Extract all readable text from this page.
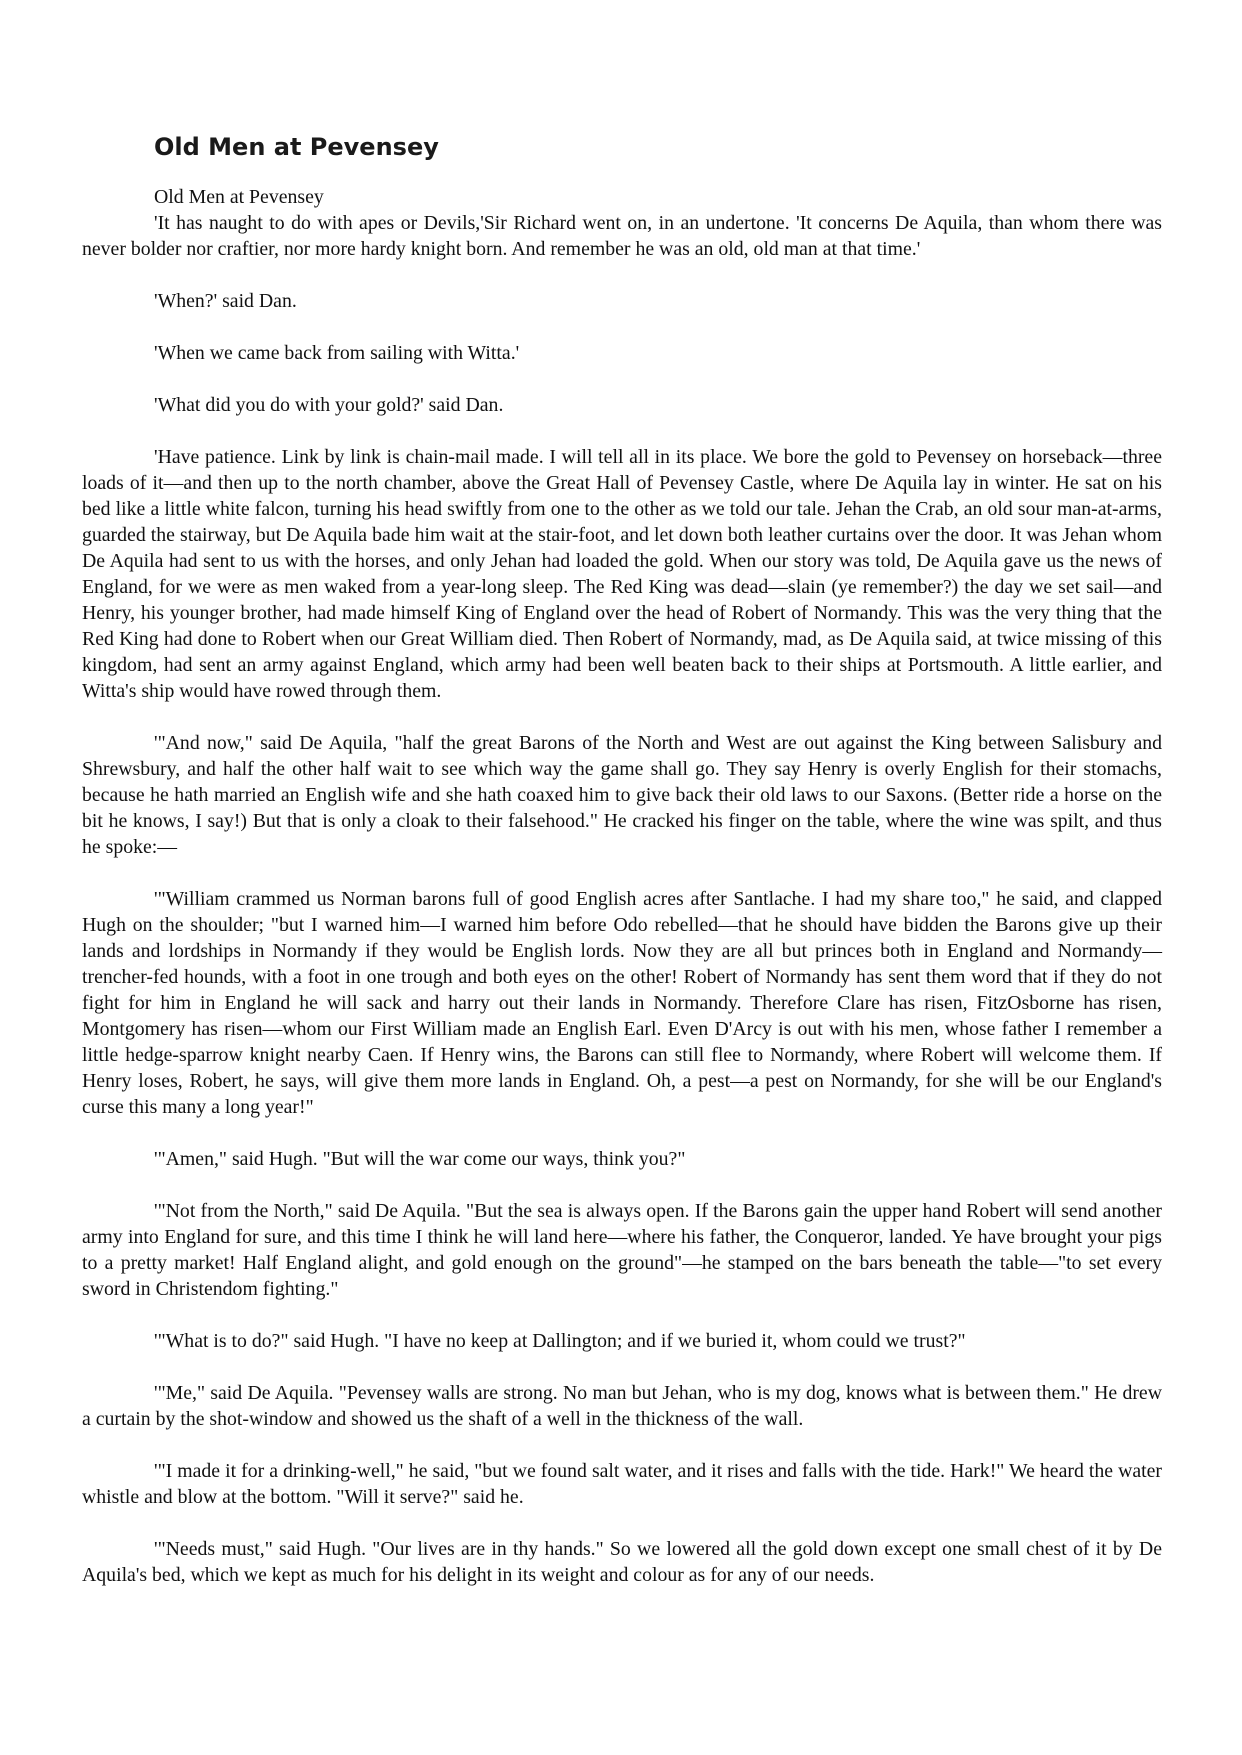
Old Men at Pevensey

Old Men at Pevensey

'It has naught to do with apes or Devils,'Sir Richard went on, in an undertone. 'It concerns De Aquila, than whom there was never bolder nor craftier, nor more hardy knight born. And remember he was an old, old man at that time.'

'When?' said Dan.

'When we came back from sailing with Witta.'

'What did you do with your gold?' said Dan.

'Have patience. Link by link is chain-mail made. I will tell all in its place. We bore the gold to Pevensey on horseback—three loads of it—and then up to the north chamber, above the Great Hall of Pevensey Castle, where De Aquila lay in winter. He sat on his bed like a little white falcon, turning his head swiftly from one to the other as we told our tale. Jehan the Crab, an old sour man-at-arms, guarded the stairway, but De Aquila bade him wait at the stair-foot, and let down both leather curtains over the door. It was Jehan whom De Aquila had sent to us with the horses, and only Jehan had loaded the gold. When our story was told, De Aquila gave us the news of England, for we were as men waked from a year-long sleep. The Red King was dead—slain (ye remember?) the day we set sail—and Henry, his younger brother, had made himself King of England over the head of Robert of Normandy. This was the very thing that the Red King had done to Robert when our Great William died. Then Robert of Normandy, mad, as De Aquila said, at twice missing of this kingdom, had sent an army against England, which army had been well beaten back to their ships at Portsmouth. A little earlier, and Witta's ship would have rowed through them.

'"And now," said De Aquila, "half the great Barons of the North and West are out against the King between Salisbury and Shrewsbury, and half the other half wait to see which way the game shall go. They say Henry is overly English for their stomachs, because he hath married an English wife and she hath coaxed him to give back their old laws to our Saxons. (Better ride a horse on the bit he knows, I say!) But that is only a cloak to their falsehood." He cracked his finger on the table, where the wine was spilt, and thus he spoke:—

'"William crammed us Norman barons full of good English acres after Santlache. I had my share too," he said, and clapped Hugh on the shoulder; "but I warned him—I warned him before Odo rebelled—that he should have bidden the Barons give up their lands and lordships in Normandy if they would be English lords. Now they are all but princes both in England and Normandy—trencher-fed hounds, with a foot in one trough and both eyes on the other! Robert of Normandy has sent them word that if they do not fight for him in England he will sack and harry out their lands in Normandy. Therefore Clare has risen, FitzOsborne has risen, Montgomery has risen—whom our First William made an English Earl. Even D'Arcy is out with his men, whose father I remember a little hedge-sparrow knight nearby Caen. If Henry wins, the Barons can still flee to Normandy, where Robert will welcome them. If Henry loses, Robert, he says, will give them more lands in England. Oh, a pest—a pest on Normandy, for she will be our England's curse this many a long year!"

'"Amen," said Hugh. "But will the war come our ways, think you?"

'"Not from the North," said De Aquila. "But the sea is always open. If the Barons gain the upper hand Robert will send another army into England for sure, and this time I think he will land here—where his father, the Conqueror, landed. Ye have brought your pigs to a pretty market! Half England alight, and gold enough on the ground"—he stamped on the bars beneath the table—"to set every sword in Christendom fighting."

'"What is to do?" said Hugh. "I have no keep at Dallington; and if we buried it, whom could we trust?"

'"Me," said De Aquila. "Pevensey walls are strong. No man but Jehan, who is my dog, knows what is between them." He drew a curtain by the shot-window and showed us the shaft of a well in the thickness of the wall.

'"I made it for a drinking-well," he said, "but we found salt water, and it rises and falls with the tide. Hark!" We heard the water whistle and blow at the bottom. "Will it serve?" said he.

'"Needs must," said Hugh. "Our lives are in thy hands." So we lowered all the gold down except one small chest of it by De Aquila's bed, which we kept as much for his delight in its weight and colour as for any of our needs.
